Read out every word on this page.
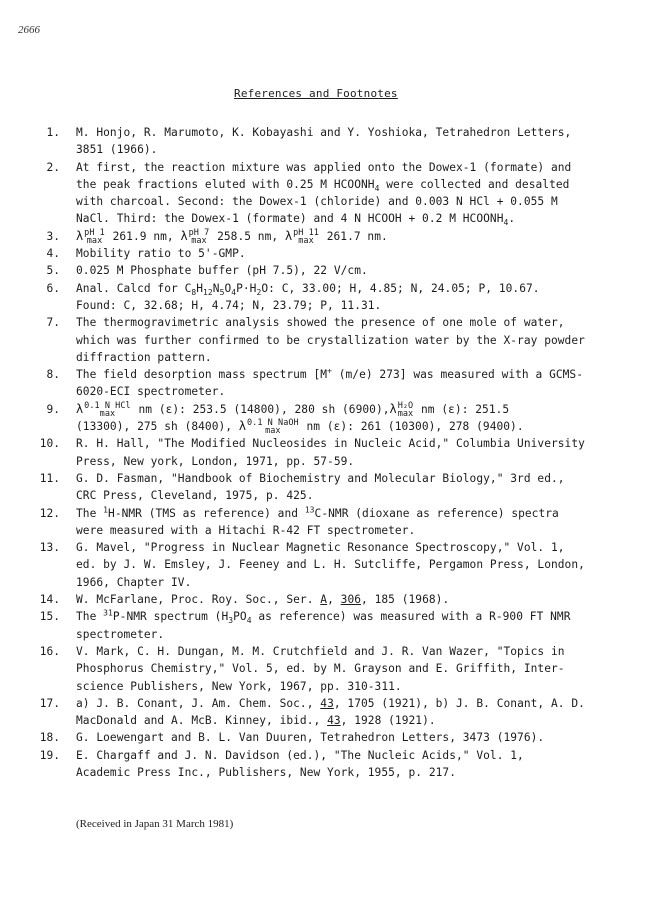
2666
References and Footnotes
1. M. Honjo, R. Marumoto, K. Kobayashi and Y. Yoshioka, Tetrahedron Letters,
3851 (1966).
2. At first, the reaction mixture was applied onto the Dowex-1 (formate) and
the peak fractions eluted with 0.25 M $HCOONH_4$ were collected and desalted
with charcoal. Second: the Dowex-1 (chloride) and 0.003 N HCl + 0.055 M
NaCl. Third: the Dowex-1 (formate) and 4 N HCOOH + 0.2 M $HCOONH_4$.
3. λ pH 1
max 261.9 nm, λ pH 7
max 258.5 nm, λ pH 11
max 261.7 nm.
4. Mobility ratio to 5'-GMP.
5. 0.025 M Phosphate buffer (pH 7.5), 22 V/cm.
6. Anal. Calcd for $C_8H_{12}N_5O_4P\cdot H_2O$: C, 33.00; H, 4.85; N, 24.05; P, 10.67.
Found: C, 32.68; H, 4.74; N, 23.79; P, 11.31.
7. The thermogravimetric analysis showed the presence of one mole of water,
which was further confirmed to be crystallization water by the X-ray powder
diffraction pattern.
8. The field desorption mass spectrum [M+ (m/e) 273] was measured with a GCMS-
6020-ECI spectrometer.
9. λ 0.1 N HCl
max	nm (ε): 253.5 (14800), 280 sh (6900),λ H₂O
max nm (ε): 251.5
(13300), 275 sh (8400), λ 0.1 N NaOH
max	nm (ε): 261 (10300), 278 (9400).
10. R. H. Hall, "The Modified Nucleosides in Nucleic Acid," Columbia University
Press, New york, London, 1971, pp. 57-59.
11. G. D. Fasman, "Handbook of Biochemistry and Molecular Biology," 3rd ed.,
CRC Press, Cleveland, 1975, p. 425.
12. The $^1$H-NMR (TMS as reference) and $^{13}$C-NMR (dioxane as reference) spectra
were measured with a Hitachi R-42 FT spectrometer.
13. G. Mavel, "Progress in Nuclear Magnetic Resonance Spectroscopy," Vol. 1,
ed. by J. W. Emsley, J. Feeney and L. H. Sutcliffe, Pergamon Press, London,
1966, Chapter IV.
14. W. McFarlane, Proc. Roy. Soc., Ser. A, 306, 185 (1968).
15. The $^{31}$P-NMR spectrum ($H_3PO_4$ as reference) was measured with a R-900 FT NMR
spectrometer.
16. V. Mark, C. H. Dungan, M. M. Crutchfield and J. R. Van Wazer, "Topics in
Phosphorus Chemistry," Vol. 5, ed. by M. Grayson and E. Griffith, Inter-
science Publishers, New York, 1967, pp. 310-311.
17. a) J. B. Conant, J. Am. Chem. Soc., 43, 1705 (1921), b) J. B. Conant, A. D.
MacDonald and A. McB. Kinney, ibid., 43, 1928 (1921).
18. G. Loewengart and B. L. Van Duuren, Tetrahedron Letters, 3473 (1976).
19. E. Chargaff and J. N. Davidson (ed.), "The Nucleic Acids," Vol. 1,
Academic Press Inc., Publishers, New York, 1955, p. 217.
(Received in Japan 31 March 1981)
